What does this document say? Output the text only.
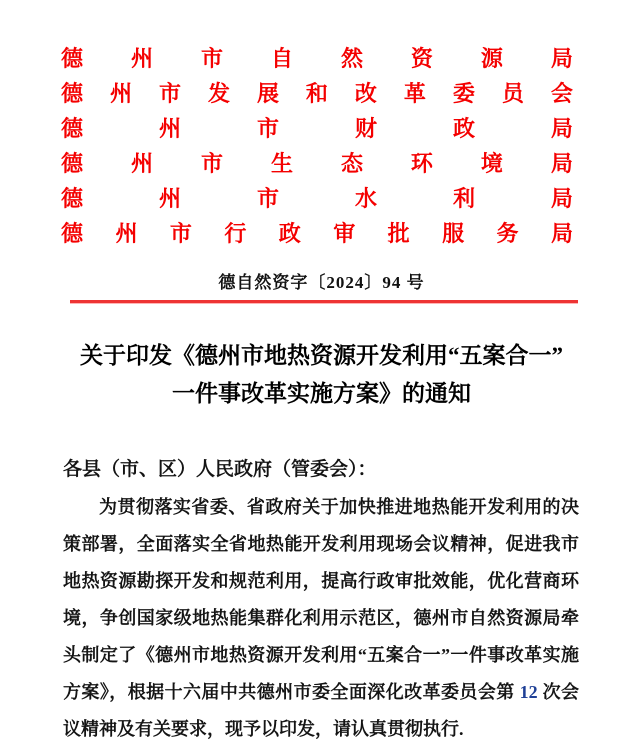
德 州 市 自 然 资 源 局
德 州 市 发 展 和 改 革 委 员 会
德	州	市	财	政	局
德 州 市 生 态 环 境 局
德	州	市	水	利	局
德 州 市 行 政 审 批 服 务 局
德自然资字〔2024〕94 号
关于印发《德州市地热资源开发利用“五案合一”
一件事改革实施方案》的通知

各县（市、区）人民政府（管委会）：

为贯彻落实省委、省政府关于加快推进地热能开发利用的决策部署，全面落实全省地热能开发利用现场会议精神，促进我市地热资源勘探开发和规范利用，提高行政审批效能，优化营商环境，争创国家级地热能集群化利用示范区，德州市自然资源局牵头制定了《德州市地热资源开发利用“五案合一”一件事改革实施方案》，根据十六届中共德州市委全面深化改革委员会第 12 次会议精神及有关要求，现予以印发，请认真贯彻执行.
